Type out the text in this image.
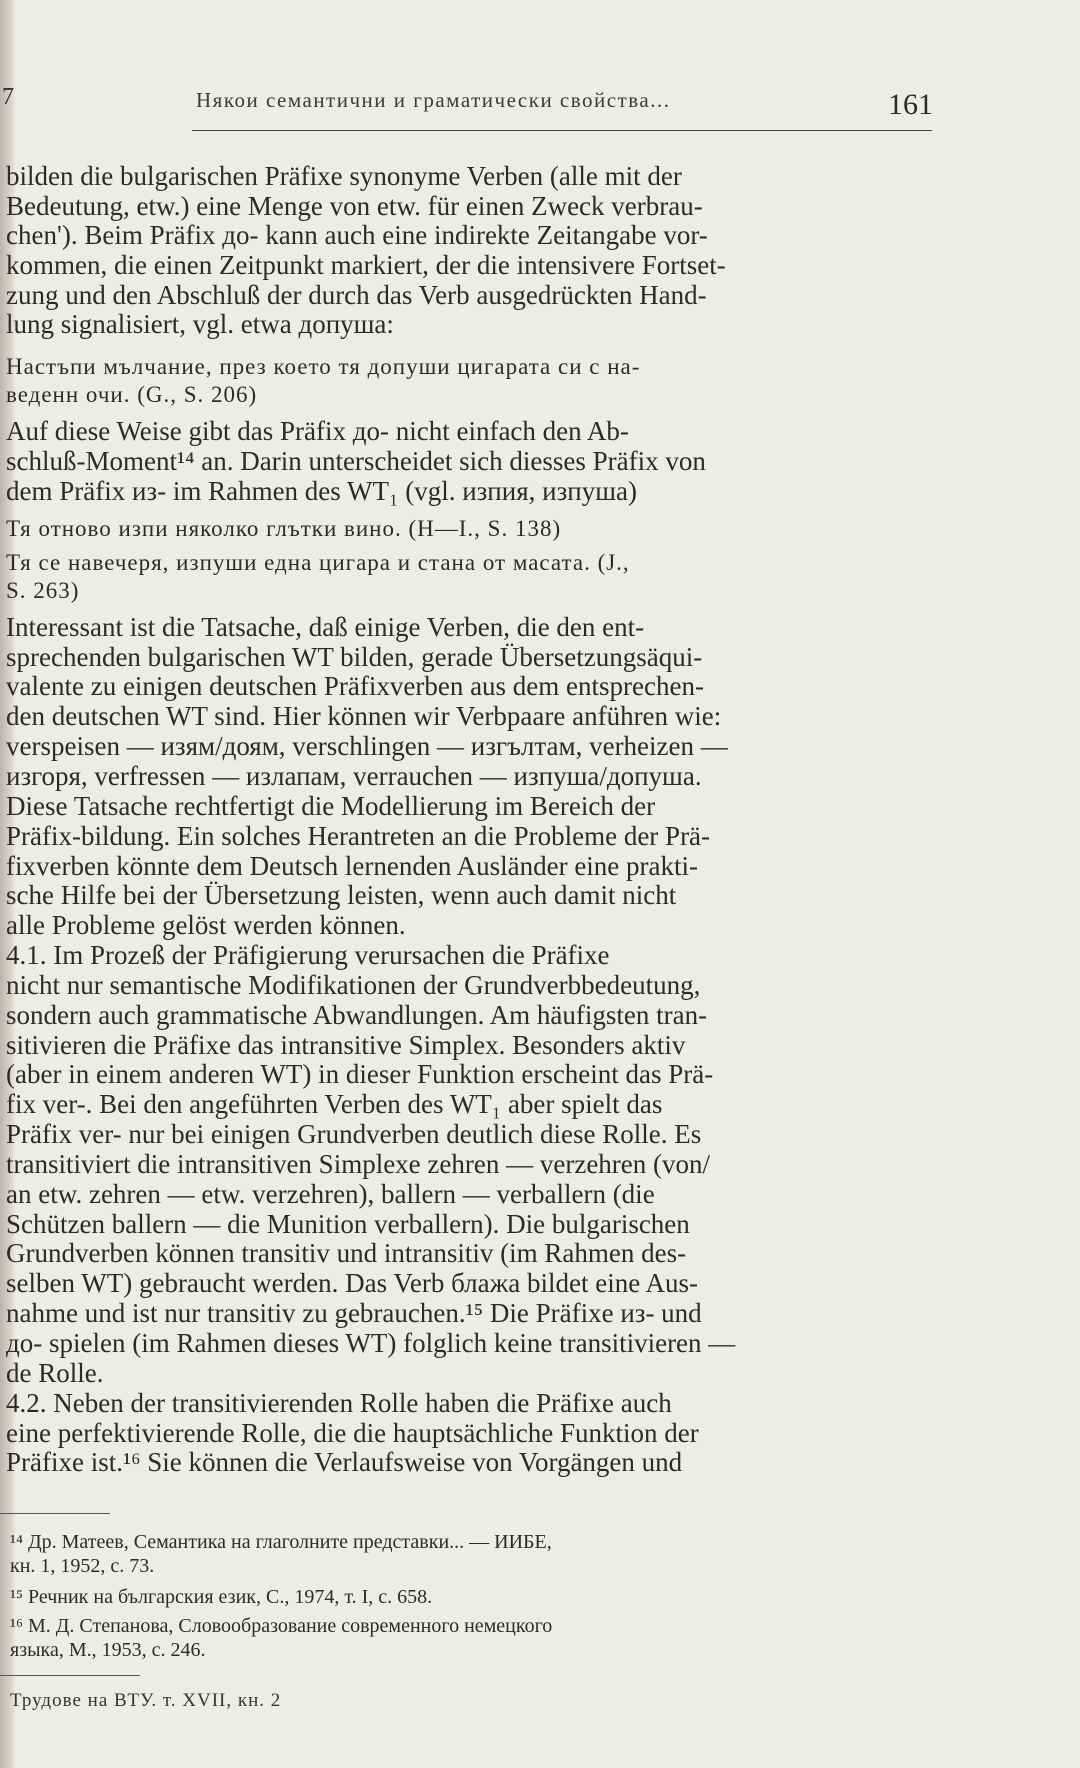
7	Някои семантични и граматически свойства...	161
bilden die bulgarischen Präfixe synonyme Verben (alle mit der
Bedeutung, etw.) eine Menge von etw. für einen Zweck verbrau-
chen'). Beim Präfix до- kann auch eine indirekte Zeitangabe vor-
kommen, die einen Zeitpunkt markiert, der die intensivere Fortset-
zung und den Abschluß der durch das Verb ausgedrückten Hand-
lung signalisiert, vgl. etwa допуша:
Настъпи мълчание, през което тя допуши цигарата си с на-
веденн очи. (G., S. 206)
Auf diese Weise gibt das Präfix до- nicht einfach den Ab-
schluß-Moment¹⁴ an. Darin unterscheidet sich diesses Präfix von
dem Präfix из- im Rahmen des WT₁ (vgl. изпия, изпуша)
Тя отново изпи няколко глътки вино. (H—I., S. 138)
Тя се навечеря, изпуши една цигара и стана от масата. (J.,
S. 263)
Interessant ist die Tatsache, daß einige Verben, die den ent-
sprechenden bulgarischen WT bilden, gerade Übersetzungsäqui-
valente zu einigen deutschen Präfixverben aus dem entsprechen-
den deutschen WT sind. Hier können wir Verbpaare anführen wie:
verspeisen — изям/доям, verschlingen — изгълтам, verheizen —
изгоря, verfressen — излапам, verrauchen — изпуша/допуша.
Diese Tatsache rechtfertigt die Modellierung im Bereich der
Präfix-bildung. Ein solches Herantreten an die Probleme der Prä-
fixverben könnte dem Deutsch lernenden Ausländer eine prakti-
sche Hilfe bei der Übersetzung leisten, wenn auch damit nicht
alle Probleme gelöst werden können.
4.1. Im Prozeß der Präfigierung verursachen die Präfixe
nicht nur semantische Modifikationen der Grundverbbedeutung,
sondern auch grammatische Abwandlungen. Am häufigsten tran-
sitivieren die Präfixe das intransitive Simplex. Besonders aktiv
(aber in einem anderen WT) in dieser Funktion erscheint das Prä-
fix ver-. Bei den angeführten Verben des WT₁ aber spielt das
Präfix ver- nur bei einigen Grundverben deutlich diese Rolle. Es
transitiviert die intransitiven Simplexe zehren — verzehren (von/
an etw. zehren — etw. verzehren), ballern — verballern (die
Schützen ballern — die Munition verballern). Die bulgarischen
Grundverben können transitiv und intransitiv (im Rahmen des-
selben WT) gebraucht werden. Das Verb блажа bildet eine Aus-
nahme und ist nur transitiv zu gebrauchen.¹⁵ Die Präfixe из- und
до- spielen (im Rahmen dieses WT) folglich keine transitivieren —
de Rolle.
4.2. Neben der transitivierenden Rolle haben die Präfixe auch
eine perfektivierende Rolle, die die hauptsächliche Funktion der
Präfixe ist.¹⁶ Sie können die Verlaufsweise von Vorgängen und
¹⁴ Др. Матеев, Семантика на глаголните представки... — ИИБЕ,
кн. 1, 1952, с. 73.
¹⁵ Речник на българския език, С., 1974, т. I, с. 658.
¹⁶ М. Д. Степанова, Словообразование современного немецкого
языка, М., 1953, с. 246.
Трудове на ВТУ. т. XVII, кн. 2
